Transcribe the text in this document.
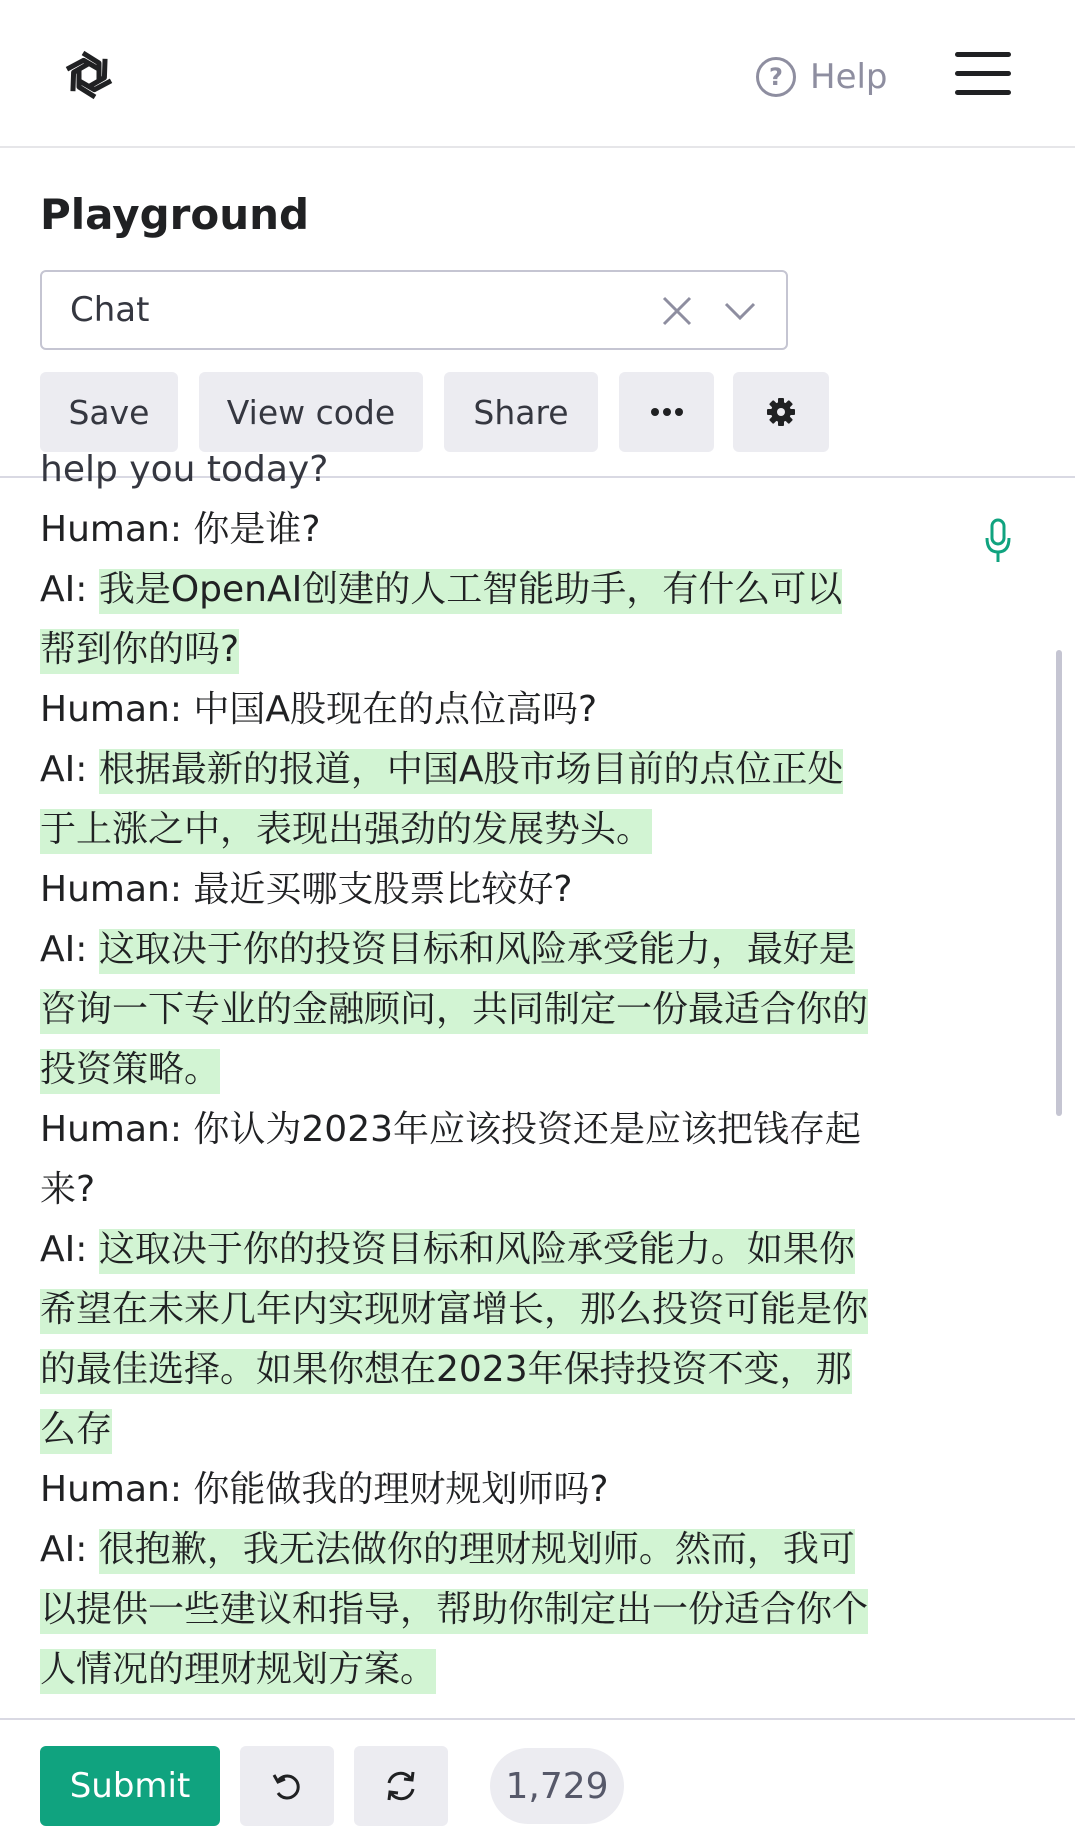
? Help
Playground
Chat
Save	View code	Share
help you today?
Human: 你是谁?
AI: 我是OpenAI创建的人工智能助手，有什么可以
帮到你的吗?
Human: 中国A股现在的点位高吗?
AI: 根据最新的报道，中国A股市场目前的点位正处
于上涨之中，表现出强劲的发展势头。
Human: 最近买哪支股票比较好?
AI: 这取决于你的投资目标和风险承受能力，最好是
咨询一下专业的金融顾问，共同制定一份最适合你的
投资策略。
Human: 你认为2023年应该投资还是应该把钱存起
来?
AI: 这取决于你的投资目标和风险承受能力。如果你
希望在未来几年内实现财富增长，那么投资可能是你
的最佳选择。如果你想在2023年保持投资不变，那
么存
Human: 你能做我的理财规划师吗?
AI: 很抱歉，我无法做你的理财规划师。然而，我可
以提供一些建议和指导，帮助你制定出一份适合你个
人情况的理财规划方案。
Submit	1,729
